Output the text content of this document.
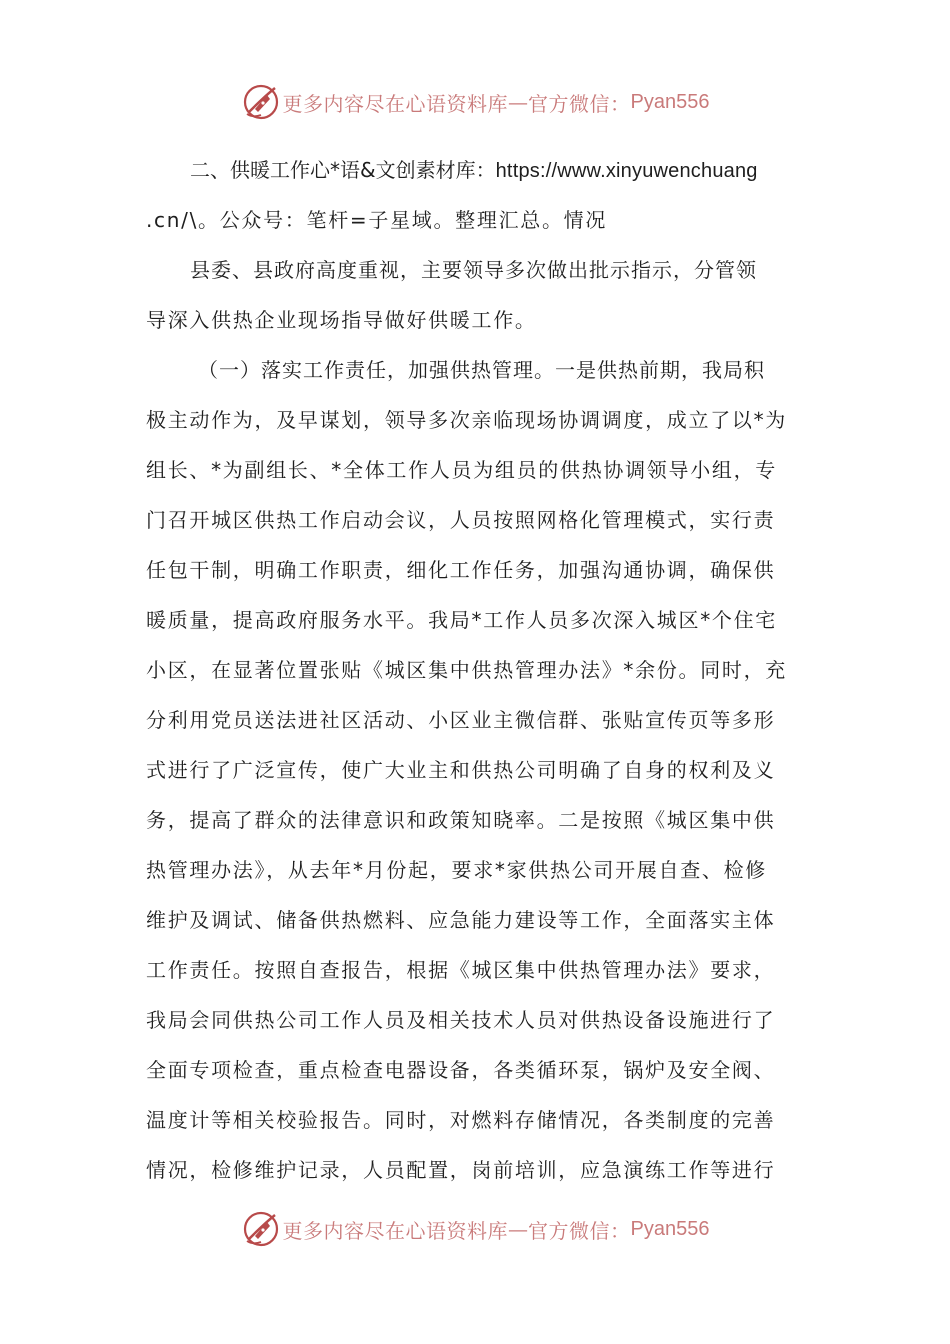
更多内容尽在心语资料库 — 官方微信： Pyan556
二、供暖工作心*语&文创素材库：https://www.xinyuwenchuang
.cn/\。公众号：笔杆=子星域。整理汇总。情况
县委、县政府高度重视，主要领导多次做出批示指示，分管领
导深入供热企业现场指导做好供暖工作。
（一）落实工作责任，加强供热管理。一是供热前期，我局积
极主动作为，及早谋划，领导多次亲临现场协调调度，成立了以*为
组长、*为副组长、*全体工作人员为组员的供热协调领导小组，专
门召开城区供热工作启动会议，人员按照网格化管理模式，实行责
任包干制，明确工作职责，细化工作任务，加强沟通协调，确保供
暖质量，提高政府服务水平。我局*工作人员多次深入城区*个住宅
小区，在显著位置张贴《城区集中供热管理办法》*余份。同时，充
分利用党员送法进社区活动、小区业主微信群、张贴宣传页等多形
式进行了广泛宣传，使广大业主和供热公司明确了自身的权利及义
务，提高了群众的法律意识和政策知晓率。二是按照《城区集中供
热管理办法》，从去年*月份起，要求*家供热公司开展自查、检修
维护及调试、储备供热燃料、应急能力建设等工作，全面落实主体
工作责任。按照自查报告，根据《城区集中供热管理办法》要求，
我局会同供热公司工作人员及相关技术人员对供热设备设施进行了
全面专项检查，重点检查电器设备，各类循环泵，锅炉及安全阀、
温度计等相关校验报告。同时，对燃料存储情况，各类制度的完善
情况，检修维护记录，人员配置，岗前培训，应急演练工作等进行
更多内容尽在心语资料库 — 官方微信： Pyan556
